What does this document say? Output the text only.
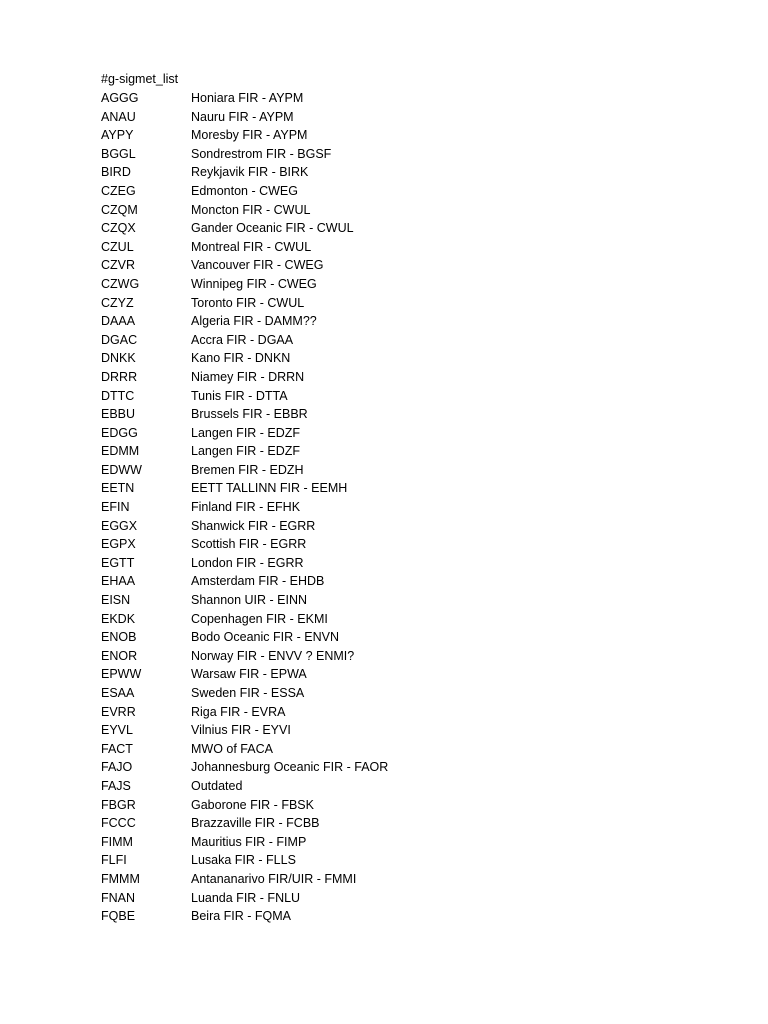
#g-sigmet_list
AGGG	Honiara FIR - AYPM
ANAU	Nauru FIR - AYPM
AYPY	Moresby FIR - AYPM
BGGL	Sondrestrom FIR - BGSF
BIRD	Reykjavik FIR - BIRK
CZEG	Edmonton - CWEG
CZQM	Moncton FIR - CWUL
CZQX	Gander Oceanic FIR - CWUL
CZUL	Montreal FIR - CWUL
CZVR	Vancouver FIR - CWEG
CZWG	Winnipeg FIR - CWEG
CZYZ	Toronto FIR - CWUL
DAAA	Algeria FIR - DAMM??
DGAC	Accra FIR - DGAA
DNKK	Kano FIR - DNKN
DRRR	Niamey FIR - DRRN
DTTC	Tunis FIR - DTTA
EBBU	Brussels FIR - EBBR
EDGG	Langen FIR - EDZF
EDMM	Langen FIR - EDZF
EDWW	Bremen FIR - EDZH
EETN	EETT TALLINN FIR - EEMH
EFIN	Finland FIR - EFHK
EGGX	Shanwick FIR - EGRR
EGPX	Scottish FIR - EGRR
EGTT	London FIR - EGRR
EHAA	Amsterdam FIR - EHDB
EISN	Shannon UIR - EINN
EKDK	Copenhagen FIR - EKMI
ENOB	Bodo Oceanic FIR - ENVN
ENOR	Norway FIR - ENVV ? ENMI?
EPWW	Warsaw FIR - EPWA
ESAA	Sweden FIR - ESSA
EVRR	Riga FIR - EVRA
EYVL	Vilnius FIR - EYVI
FACT	MWO of FACA
FAJO	Johannesburg Oceanic FIR - FAOR
FAJS	Outdated
FBGR	Gaborone FIR - FBSK
FCCC	Brazzaville FIR - FCBB
FIMM	Mauritius FIR - FIMP
FLFI	Lusaka FIR - FLLS
FMMM	Antananarivo FIR/UIR - FMMI
FNAN	Luanda FIR - FNLU
FQBE	Beira FIR - FQMA
